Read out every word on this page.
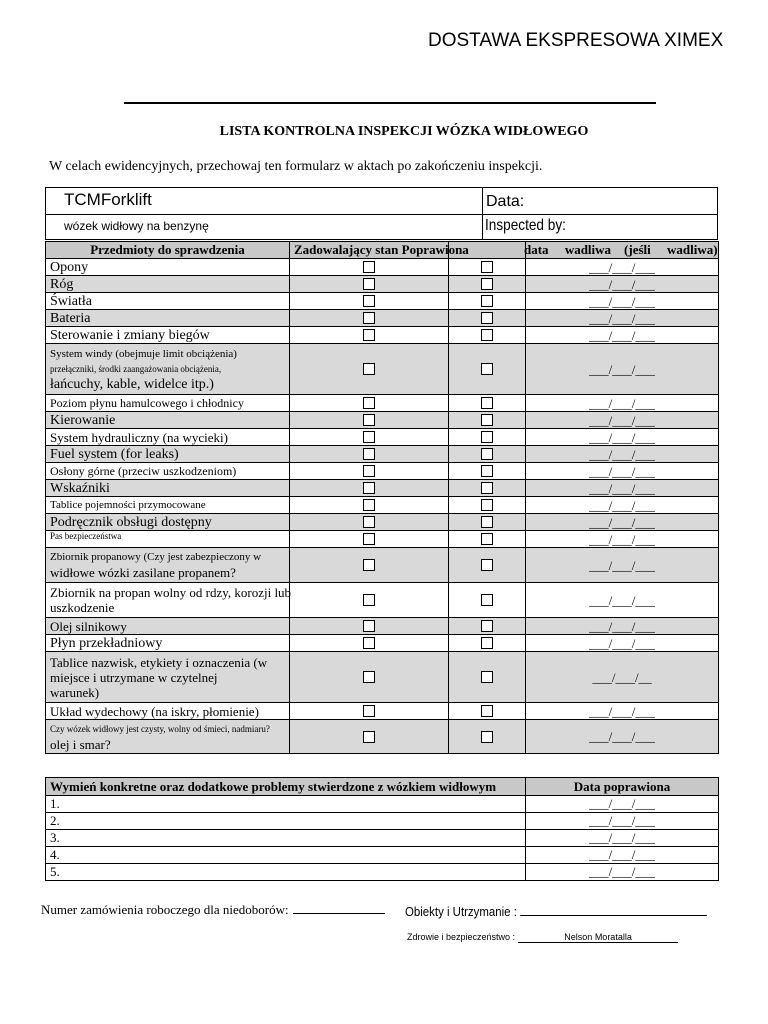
DOSTAWA EKSPRESOWA XIMEX
LISTA KONTROLNA INSPEKCJI WÓZKA WIDŁOWEGO
W celach ewidencyjnych, przechowaj ten formularz w aktach po zakończeniu inspekcji.
TCMForklift
wózek widłowy na benzynę
Data:
Inspected by:
Przedmioty do sprawdzenia	Zadowalający stan Poprawiona		data wadliwa (jeśli wadliwa)
Opony			___/___/___
Róg			___/___/___
Światła			___/___/___
Bateria			___/___/___
Sterowanie i zmiany biegów			___/___/___

System windy (obejmuje limit obciążenia)
przełączniki, środki zaangażowania obciążenia,
łańcuchy, kable, widelce itp.)			___/___/___
Poziom płynu hamulcowego i chłodnicy			___/___/___
Kierowanie			___/___/___
System hydrauliczny (na wycieki)			___/___/___
Fuel system (for leaks)			___/___/___
Osłony górne (przeciw uszkodzeniom)			___/___/___
Wskaźniki			___/___/___
Tablice pojemności przymocowane			___/___/___
Podręcznik obsługi dostępny			___/___/___
Pas bezpieczeństwa			___/___/___

Zbiornik propanowy (Czy jest zabezpieczony w
widłowe wózki zasilane propanem?			___/___/___

Zbiornik na propan wolny od rdzy, korozji lub
uszkodzenie			___/___/___
Olej silnikowy			___/___/___
Płyn przekładniowy			___/___/___

Tablice nazwisk, etykiety i oznaczenia (w
miejsce i utrzymane w czytelnej
warunek)			___/___/__
Układ wydechowy (na iskry, płomienie)			___/___/___

Czy wózek widłowy jest czysty, wolny od śmieci, nadmiaru?
olej i smar?			___/___/___
Wymień konkretne oraz dodatkowe problemy stwierdzone z wózkiem widłowym	Data poprawiona
1.	___/___/___
2.	___/___/___
3.	___/___/___
4.	___/___/___
5.	___/___/___
Numer zamówienia roboczego dla niedoborów:	Obiekty i Utrzymanie :
Zdrowie i bezpieczeństwo :	Nelson Moratalla
